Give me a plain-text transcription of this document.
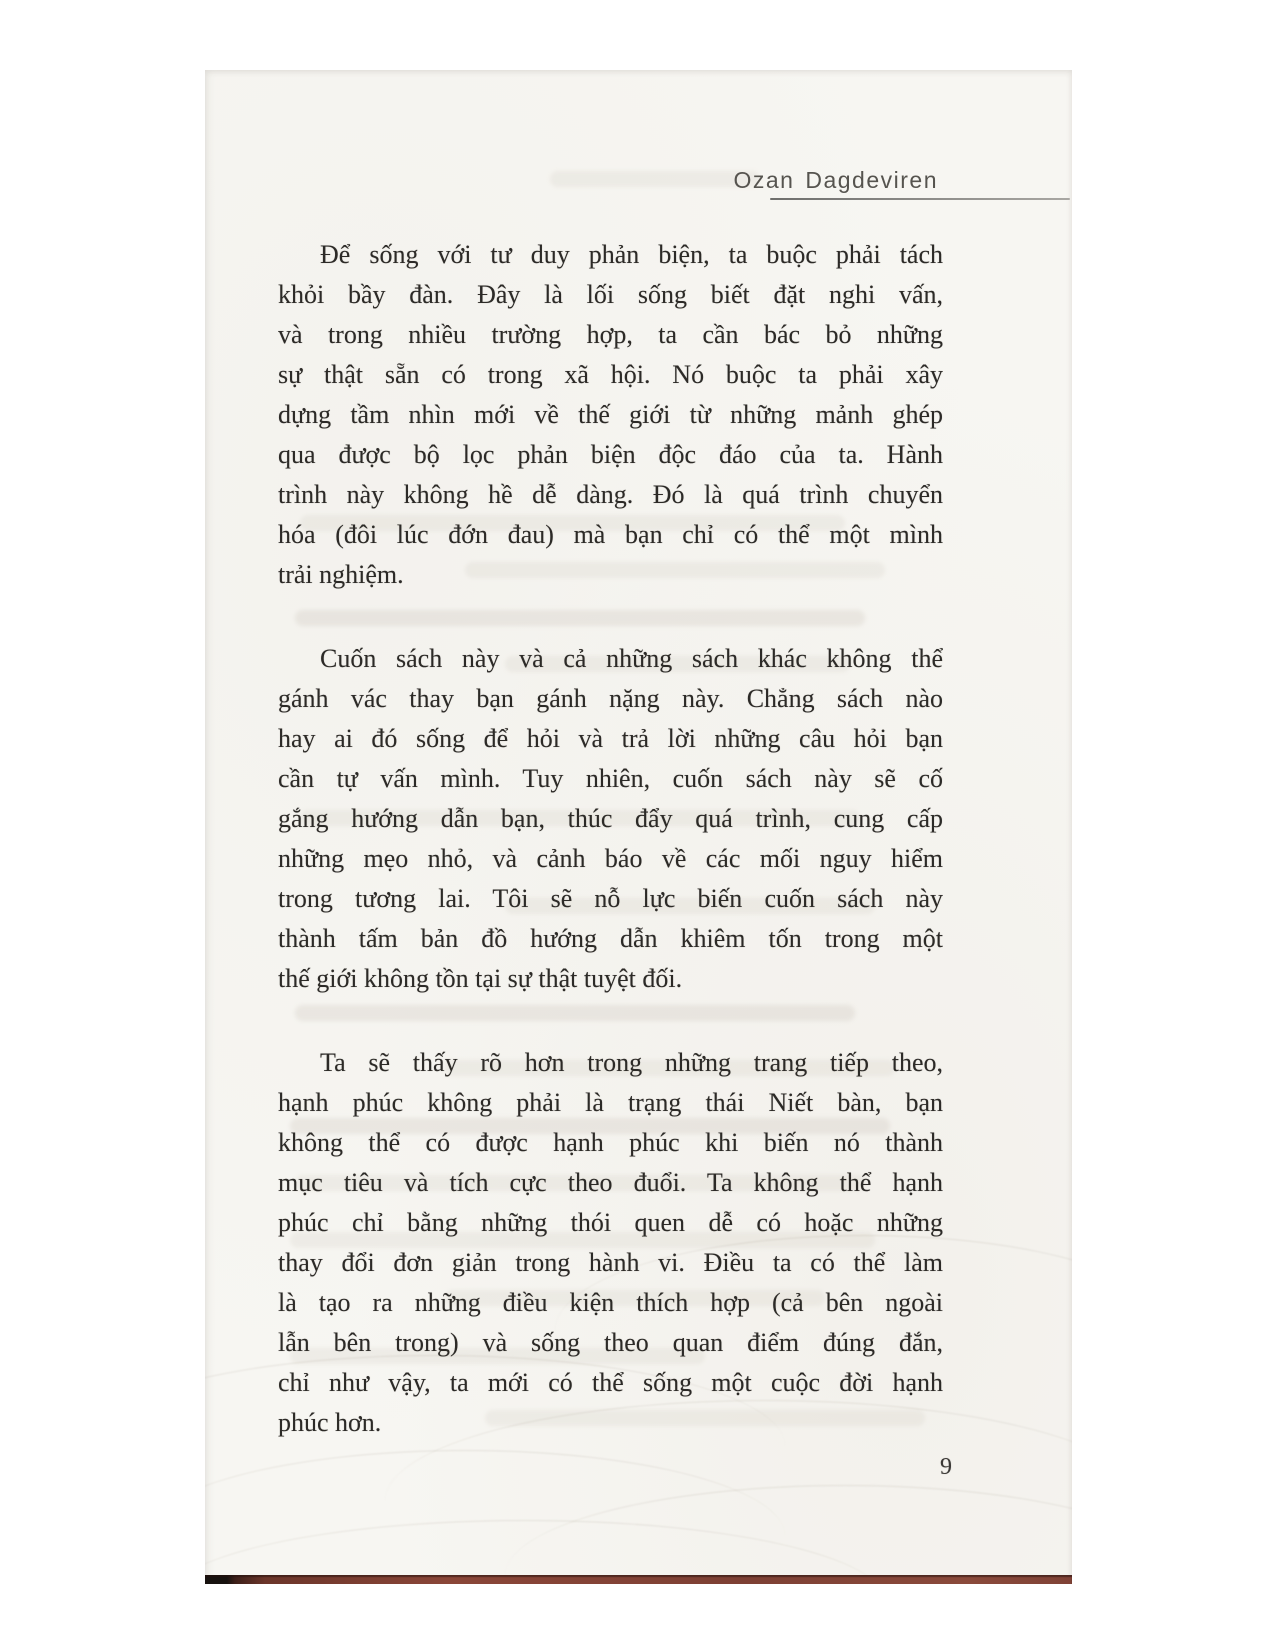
Ozan Dagdeviren
Để sống với tư duy phản biện, ta buộc phải tách
khỏi bầy đàn. Đây là lối sống biết đặt nghi vấn,
và trong nhiều trường hợp, ta cần bác bỏ những
sự thật sẵn có trong xã hội. Nó buộc ta phải xây
dựng tầm nhìn mới về thế giới từ những mảnh ghép
qua được bộ lọc phản biện độc đáo của ta. Hành
trình này không hề dễ dàng. Đó là quá trình chuyển
hóa (đôi lúc đớn đau) mà bạn chỉ có thể một mình
trải nghiệm.
Cuốn sách này và cả những sách khác không thể
gánh vác thay bạn gánh nặng này. Chẳng sách nào
hay ai đó sống để hỏi và trả lời những câu hỏi bạn
cần tự vấn mình. Tuy nhiên, cuốn sách này sẽ cố
gắng hướng dẫn bạn, thúc đẩy quá trình, cung cấp
những mẹo nhỏ, và cảnh báo về các mối nguy hiểm
trong tương lai. Tôi sẽ nỗ lực biến cuốn sách này
thành tấm bản đồ hướng dẫn khiêm tốn trong một
thế giới không tồn tại sự thật tuyệt đối.
Ta sẽ thấy rõ hơn trong những trang tiếp theo,
hạnh phúc không phải là trạng thái Niết bàn, bạn
không thể có được hạnh phúc khi biến nó thành
mục tiêu và tích cực theo đuổi. Ta không thể hạnh
phúc chỉ bằng những thói quen dễ có hoặc những
thay đổi đơn giản trong hành vi. Điều ta có thể làm
là tạo ra những điều kiện thích hợp (cả bên ngoài
lẫn bên trong) và sống theo quan điểm đúng đắn,
chỉ như vậy, ta mới có thể sống một cuộc đời hạnh
phúc hơn.
9
